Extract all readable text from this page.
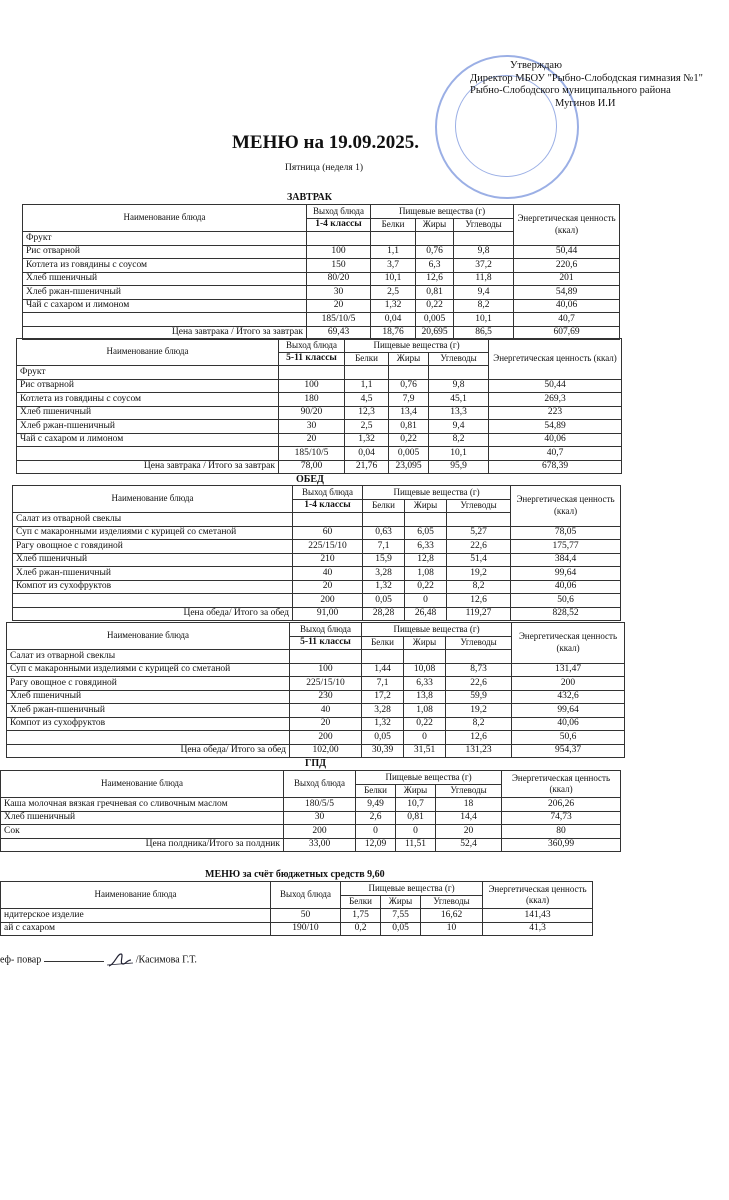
Утверждаю
Директор МБОУ "Рыбно-Слободская гимназия №1"
Рыбно-Слободского муниципального района
Мугинов И.И
МЕНЮ на 19.09.2025.
Пятница (неделя 1)
ЗАВТРАК
Наименование блюда	Выход блюда	Пищевые вещества (г)			Энергетическая ценность (ккал)
	1-4 классы	Белки	Жиры	Углеводы	
Фрукт					
Рис отварной	100	1,1	0,76	9,8	50,44
Котлета из говядины с соусом	150	3,7	6,3	37,2	220,6
Хлеб пшеничный	80/20	10,1	12,6	11,8	201
Хлеб ржан-пшеничный	30	2,5	0,81	9,4	54,89
Чай с сахаром и лимоном	20	1,32	0,22	8,2	40,06
	185/10/5	0,04	0,005	10,1	40,7
Цена завтрака / Итого за завтрак	69,43	18,76	20,695	86,5	607,69
Наименование блюда	Выход блюда	Пищевые вещества (г)			Энергетическая ценность (ккал)
	5-11 классы	Белки	Жиры	Углеводы	
Фрукт					
Рис отварной	100	1,1	0,76	9,8	50,44
Котлета из говядины с соусом	180	4,5	7,9	45,1	269,3
Хлеб пшеничный	90/20	12,3	13,4	13,3	223
Хлеб ржан-пшеничный	30	2,5	0,81	9,4	54,89
Чай с сахаром и лимоном	20	1,32	0,22	8,2	40,06
	185/10/5	0,04	0,005	10,1	40,7
Цена завтрака / Итого за завтрак	78,00	21,76	23,095	95,9	678,39
ОБЕД
Наименование блюда	Выход блюда	Пищевые вещества (г)			Энергетическая ценность (ккал)
	1-4 классы	Белки	Жиры	Углеводы	
Салат из отварной свеклы					
Суп с макаронными изделиями с курицей со сметаной	60	0,63	6,05	5,27	78,05
Рагу овощное с говядиной	225/15/10	7,1	6,33	22,6	175,77
Хлеб пшеничный	210	15,9	12,8	51,4	384,4
Хлеб ржан-пшеничный	40	3,28	1,08	19,2	99,64
Компот из сухофруктов	20	1,32	0,22	8,2	40,06
	200	0,05	0	12,6	50,6
Цена обеда/ Итого за обед	91,00	28,28	26,48	119,27	828,52
Наименование блюда	Выход блюда	Пищевые вещества (г)			Энергетическая ценность (ккал)
	5-11 классы	Белки	Жиры	Углеводы	
Салат из отварной свеклы					
Суп с макаронными изделиями с курицей со сметаной	100	1,44	10,08	8,73	131,47
Рагу овощное с говядиной	225/15/10	7,1	6,33	22,6	200
Хлеб пшеничный	230	17,2	13,8	59,9	432,6
Хлеб ржан-пшеничный	40	3,28	1,08	19,2	99,64
Компот из сухофруктов	20	1,32	0,22	8,2	40,06
	200	0,05	0	12,6	50,6
Цена обеда/ Итого за обед	102,00	30,39	31,51	131,23	954,37
ГПД
Наименование блюда	Выход блюда	Пищевые вещества (г)			Энергетическая ценность (ккал)
		Белки	Жиры	Углеводы	
Каша молочная вязкая гречневая со сливочным маслом	180/5/5	9,49	10,7	18	206,26
Хлеб пшеничный	30	2,6	0,81	14,4	74,73
Сок	200	0	0	20	80
Цена полдника/Итого за полдник	33,00	12,09	11,51	52,4	360,99
МЕНЮ за счёт бюджетных средств 9,60
Наименование блюда	Выход блюда	Пищевые вещества (г)			Энергетическая ценность (ккал)
		Белки	Жиры	Углеводы	
ндитерское изделие	50	1,75	7,55	16,62	141,43
ай с сахаром	190/10	0,2	0,05	10	41,3
еф- повар	/Касимова Г.Т.
